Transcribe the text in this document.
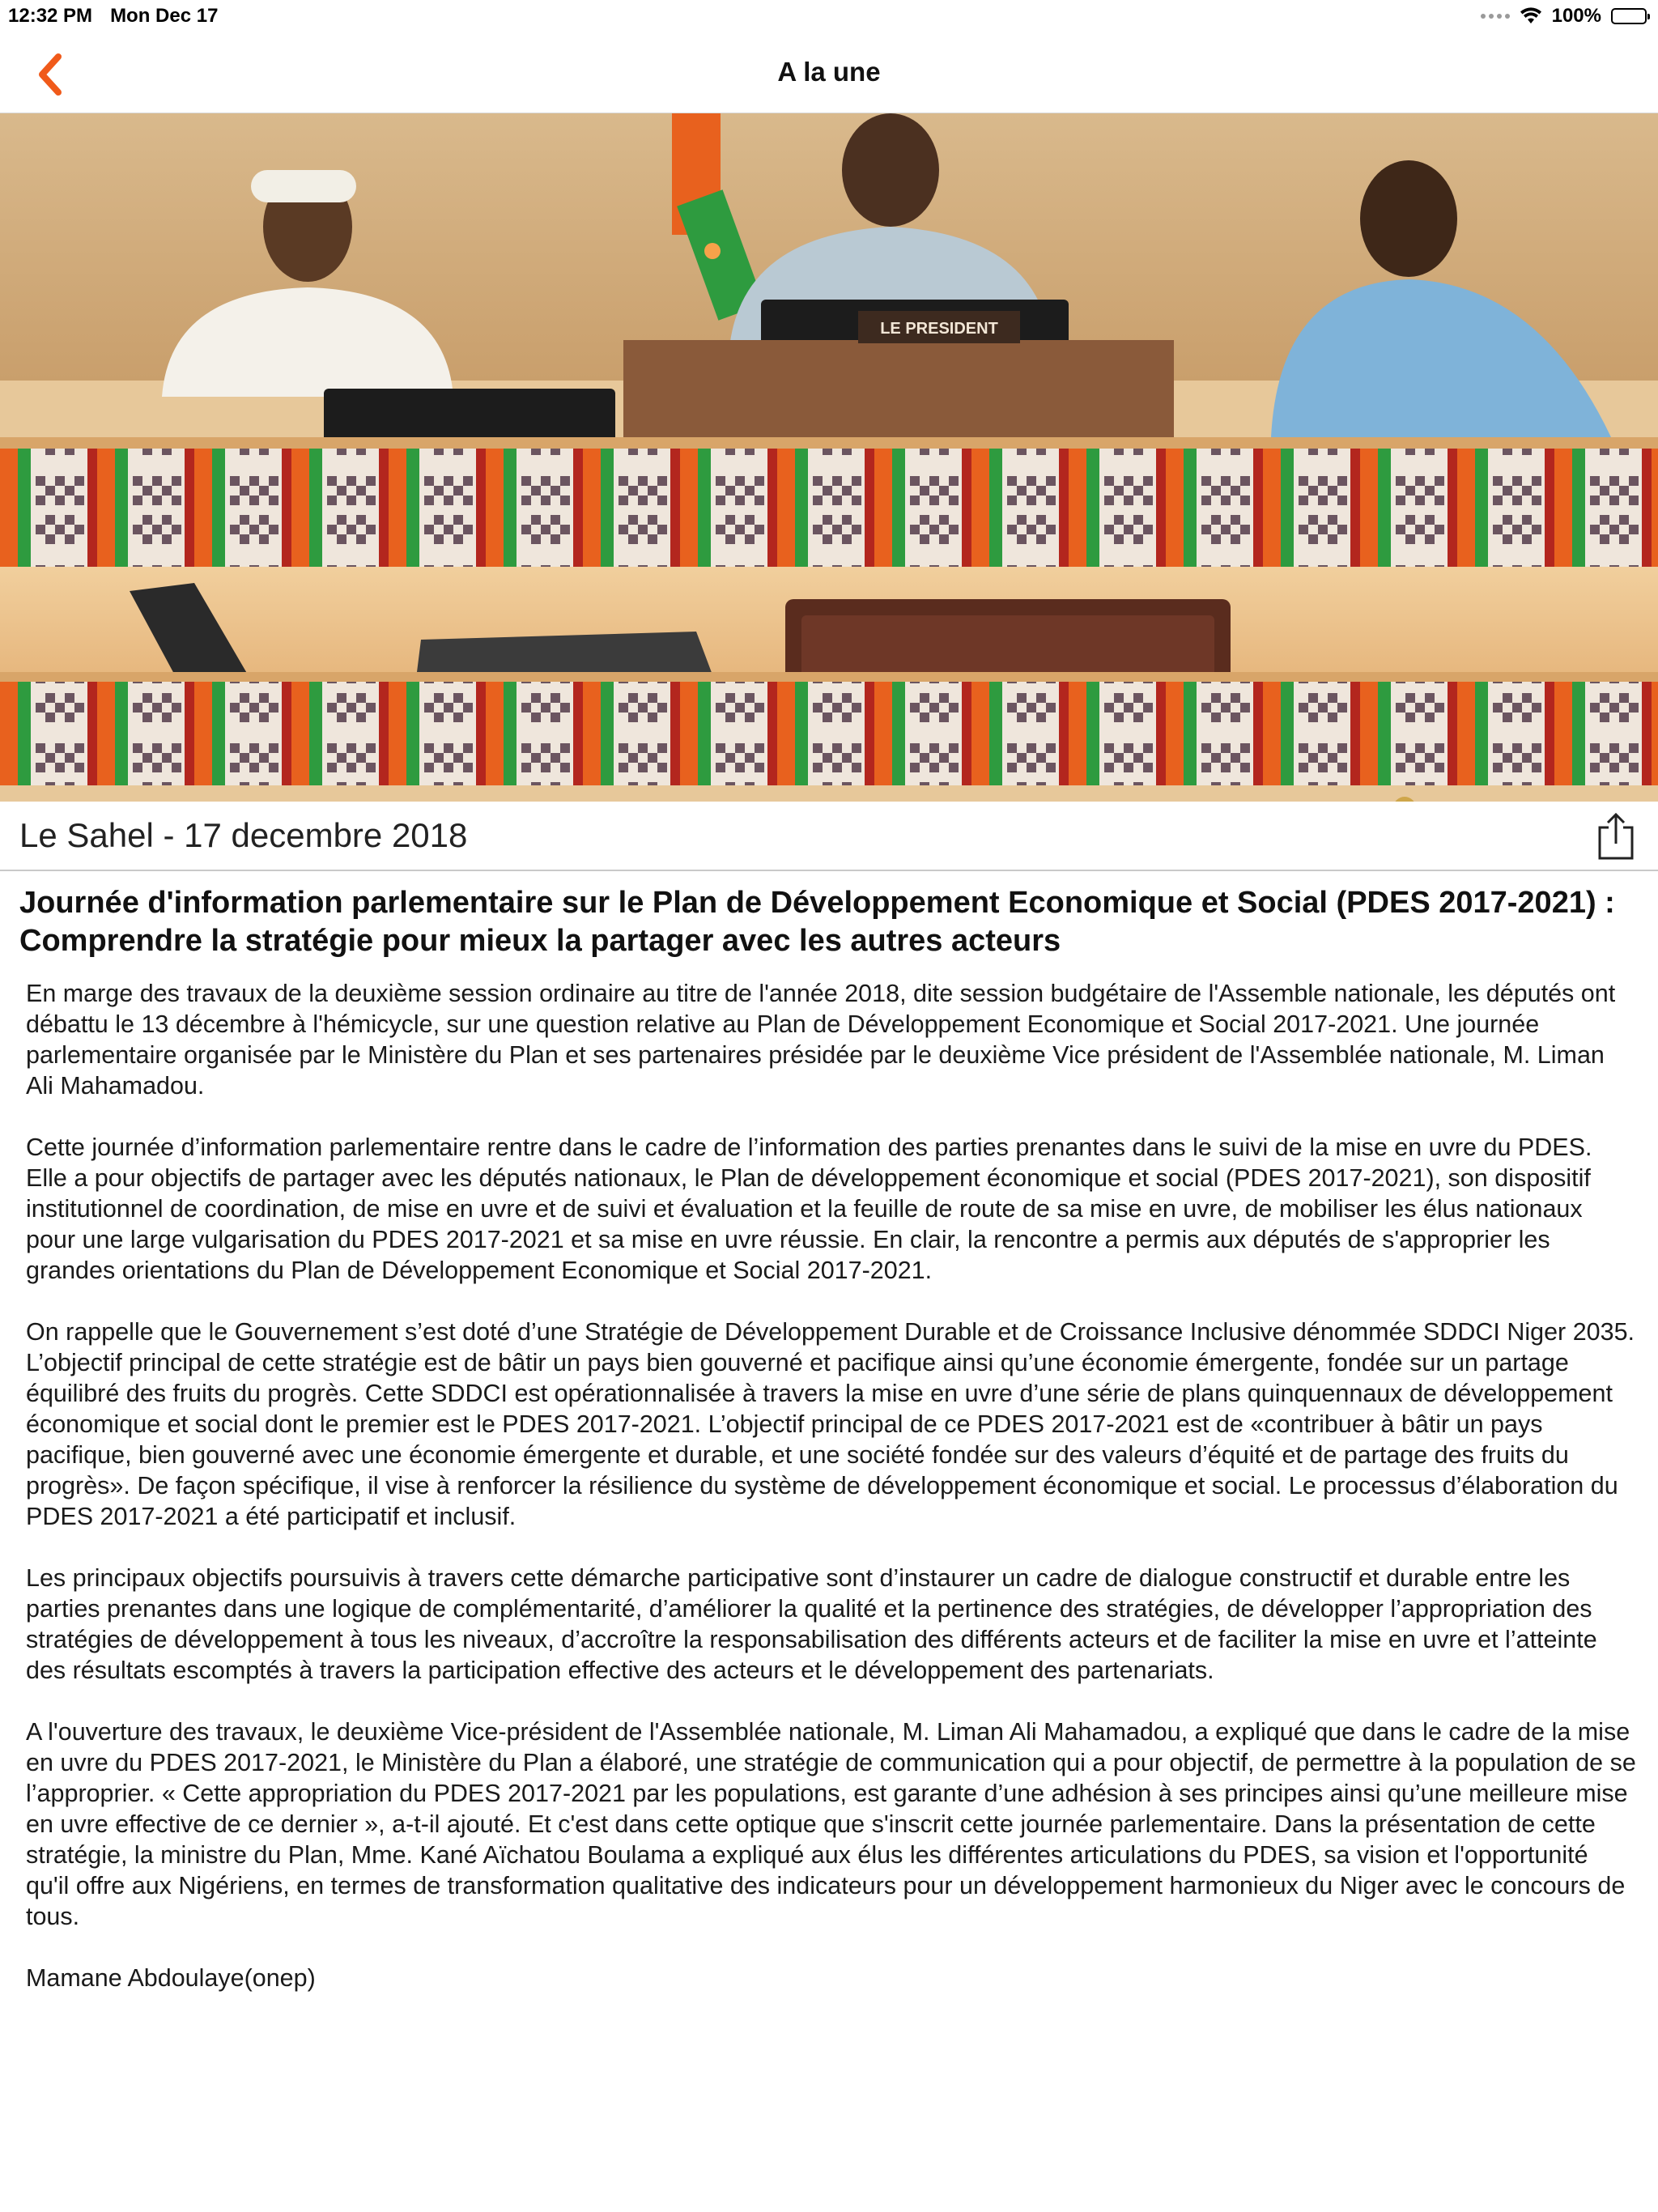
12:32 PM Mon Dec 17	100%
A la une
LE PRESIDENT
Le Sahel - 17 decembre 2018
Journée d'information parlementaire sur le Plan de Développement Economique et Social (PDES 2017-2021) : Comprendre la stratégie pour mieux la partager avec les autres acteurs

En marge des travaux de la deuxième session ordinaire au titre de l'année 2018, dite session budgétaire de l'Assemble nationale, les députés ont débattu le 13 décembre à l'hémicycle, sur une question relative au Plan de Développement Economique et Social 2017-2021. Une journée parlementaire organisée par le Ministère du Plan et ses partenaires présidée par le deuxième Vice président de l'Assemblée nationale, M. Liman Ali Mahamadou.

Cette journée d’information parlementaire rentre dans le cadre de l’information des parties prenantes dans le suivi de la mise en uvre du PDES. Elle a pour objectifs de partager avec les députés nationaux, le Plan de développement économique et social (PDES 2017-2021), son dispositif institutionnel de coordination, de mise en uvre et de suivi et évaluation et la feuille de route de sa mise en uvre, de mobiliser les élus nationaux pour une large vulgarisation du PDES 2017-2021 et sa mise en uvre réussie. En clair, la rencontre a permis aux députés de s'approprier les grandes orientations du Plan de Développement Economique et Social 2017-2021.

On rappelle que le Gouvernement s’est doté d’une Stratégie de Développement Durable et de Croissance Inclusive dénommée SDDCI Niger 2035. L’objectif principal de cette stratégie est de bâtir un pays bien gouverné et pacifique ainsi qu’une économie émergente, fondée sur un partage équilibré des fruits du progrès. Cette SDDCI est opérationnalisée à travers la mise en uvre d’une série de plans quinquennaux de développement économique et social dont le premier est le PDES 2017-2021. L’objectif principal de ce PDES 2017-2021 est de «contribuer à bâtir un pays pacifique, bien gouverné avec une économie émergente et durable, et une société fondée sur des valeurs d’équité et de partage des fruits du progrès». De façon spécifique, il vise à renforcer la résilience du système de développement économique et social. Le processus d’élaboration du PDES 2017-2021 a été participatif et inclusif.

Les principaux objectifs poursuivis à travers cette démarche participative sont d’instaurer un cadre de dialogue constructif et durable entre les parties prenantes dans une logique de complémentarité, d’améliorer la qualité et la pertinence des stratégies, de développer l’appropriation des stratégies de développement à tous les niveaux, d’accroître la responsabilisation des différents acteurs et de faciliter la mise en uvre et l’atteinte des résultats escomptés à travers la participation effective des acteurs et le développement des partenariats.

A l'ouverture des travaux, le deuxième Vice-président de l'Assemblée nationale, M. Liman Ali Mahamadou, a expliqué que dans le cadre de la mise en uvre du PDES 2017-2021, le Ministère du Plan a élaboré, une stratégie de communication qui a pour objectif, de permettre à la population de se l’approprier. « Cette appropriation du PDES 2017-2021 par les populations, est garante d’une adhésion à ses principes ainsi qu’une meilleure mise en uvre effective de ce dernier », a-t-il ajouté. Et c'est dans cette optique que s'inscrit cette journée parlementaire. Dans la présentation de cette stratégie, la ministre du Plan, Mme. Kané Aïchatou Boulama a expliqué aux élus les différentes articulations du PDES, sa vision et l'opportunité qu'il offre aux Nigériens, en termes de transformation qualitative des indicateurs pour un développement harmonieux du Niger avec le concours de tous.

Mamane Abdoulaye(onep)
